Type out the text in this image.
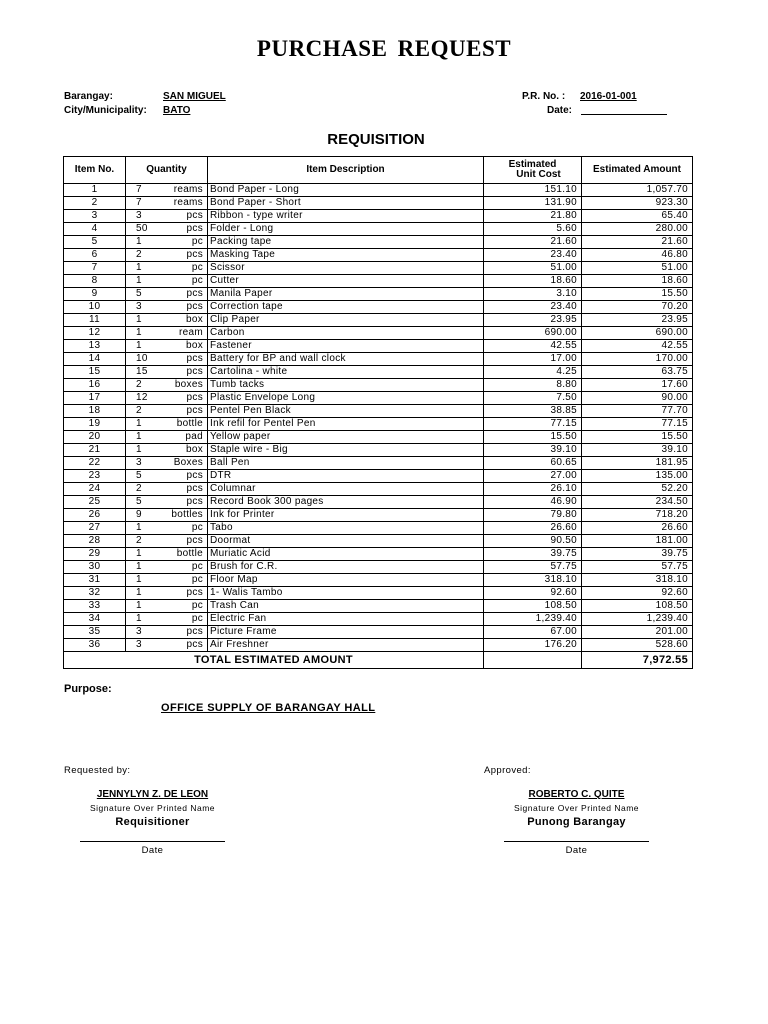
PURCHASE REQUEST
Barangay:	SAN MIGUEL
City/Municipality: BATO
P.R. No. : 2016-01-001
Date:
REQUISITION
Item No.	Quantity		Item Description	Estimated
Unit Cost	Estimated Amount
1	7	reams	Bond Paper - Long	151.10	1,057.70
2	7	reams	Bond Paper - Short	131.90	923.30
3	3	pcs	Ribbon - type writer	21.80	65.40
4	50	pcs	Folder - Long	5.60	280.00
5	1	pc	Packing tape	21.60	21.60
6	2	pcs	Masking Tape	23.40	46.80
7	1	pc	Scissor	51.00	51.00
8	1	pc	Cutter	18.60	18.60
9	5	pcs	Manila Paper	3.10	15.50
10	3	pcs	Correction tape	23.40	70.20
11	1	box	Clip Paper	23.95	23.95
12	1	ream	Carbon	690.00	690.00
13	1	box	Fastener	42.55	42.55
14	10	pcs	Battery for BP and wall clock	17.00	170.00
15	15	pcs	Cartolina - white	4.25	63.75
16	2	boxes	Tumb tacks	8.80	17.60
17	12	pcs	Plastic Envelope Long	7.50	90.00
18	2	pcs	Pentel Pen Black	38.85	77.70
19	1	bottle	Ink refil for Pentel Pen	77.15	77.15
20	1	pad	Yellow paper	15.50	15.50
21	1	box	Staple wire - Big	39.10	39.10
22	3	Boxes	Ball Pen	60.65	181.95
23	5	pcs	DTR	27.00	135.00
24	2	pcs	Columnar	26.10	52.20
25	5	pcs	Record Book 300 pages	46.90	234.50
26	9	bottles	Ink for Printer	79.80	718.20
27	1	pc	Tabo	26.60	26.60
28	2	pcs	Doormat	90.50	181.00
29	1	bottle	Muriatic Acid	39.75	39.75
30	1	pc	Brush for C.R.	57.75	57.75
31	1	pc	Floor Map	318.10	318.10
32	1	pcs	1- Walis Tambo	92.60	92.60
33	1	pc	Trash Can	108.50	108.50
34	1	pc	Electric Fan	1,239.40	1,239.40
35	3	pcs	Picture Frame	67.00	201.00
36	3	pcs	Air Freshner	176.20	528.60
TOTAL ESTIMATED AMOUNT					7,972.55
Purpose:
OFFICE SUPPLY OF BARANGAY HALL
Requested by:	Approved:
JENNYLYN Z. DE LEON
Signature Over Printed Name
Requisitioner
Date
ROBERTO C. QUITE
Signature Over Printed Name
Punong Barangay
Date
